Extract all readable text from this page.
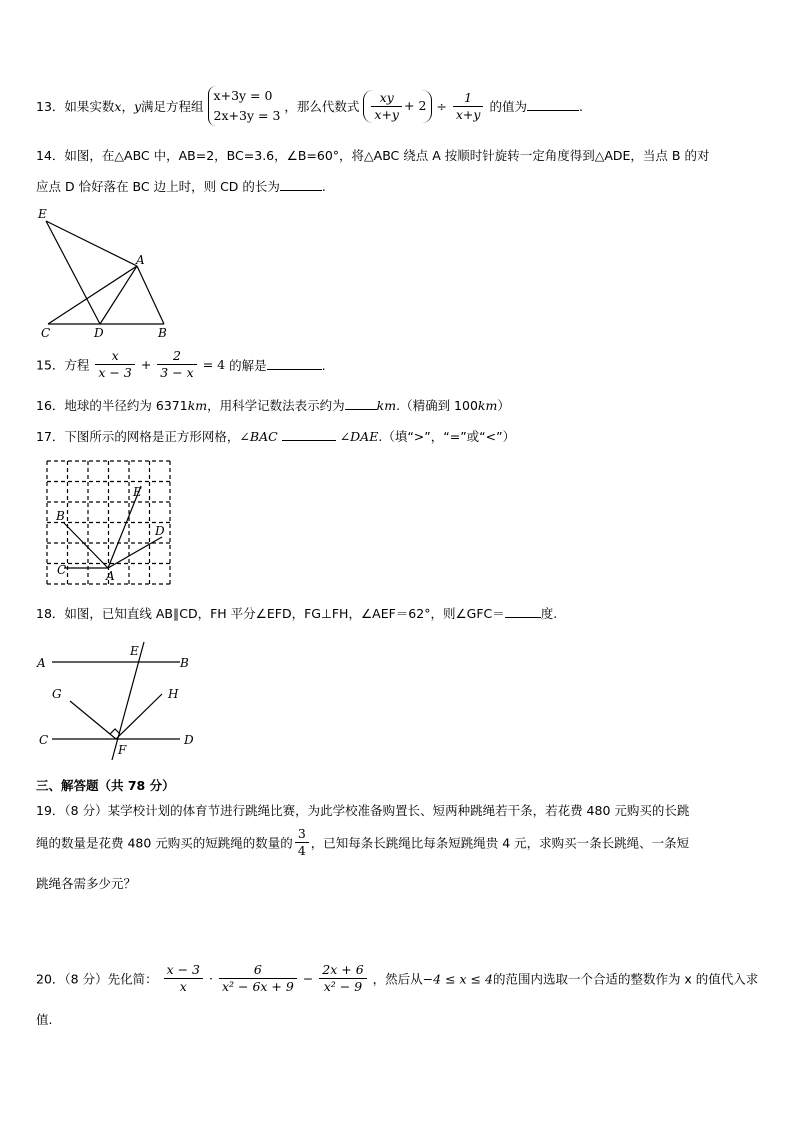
13．如果实数x，y满足方程组
x+3y = 0
2x+3y = 3
，那么代数式 $\frac{xy}{x+y} + 2 \div \frac{1}{x+y}$ 的值为	.
14．如图，在△ABC 中，AB=2，BC=3.6，∠B=60°，将△ABC 绕点 A 按顺时针旋转一定角度得到△ADE，当点 B 的对
应点 D 恰好落在 BC 边上时，则 CD 的长为	.
E
A
C	D	B
15．方程 $\frac{x}{x - 3} + \frac{2}{3 - x} = 4$ 的解是	.
16．地球的半径约为 6371km，用科学记数法表示约为	km.（精确到 100km）
17．下图所示的网格是正方形网格，∠BAC	∠DAE.（填“>”，“=”或“<”）
E
B
D
C	A
18．如图，已知直线 AB∥CD，FH 平分∠EFD，FG⊥FH，∠AEF＝62°，则∠GFC＝	度.
A
E
B
G	H
C
F
D
三、解答题（共 78 分）
19．（8 分）某学校计划的体育节进行跳绳比赛，为此学校准备购置长、短两种跳绳若干条，若花费 480 元购买的长跳
绳的数量是花费 480 元购买的短跳绳的数量的 $\frac{3}{4}$ ，已知每条长跳绳比每条短跳绳贵 4 元，求购买一条长跳绳、一条短
跳绳各需多少元？
20．（8 分）先化简： $\frac{x - 3}{x} \cdot \frac{6}{\text{x² − 6x + 9}} - \frac{2x + 6}{\text{x² − 9}}$ ，然后从−4 ≤ x ≤ 4的范围内选取一个合适的整数作为 x 的值代入求
值.
